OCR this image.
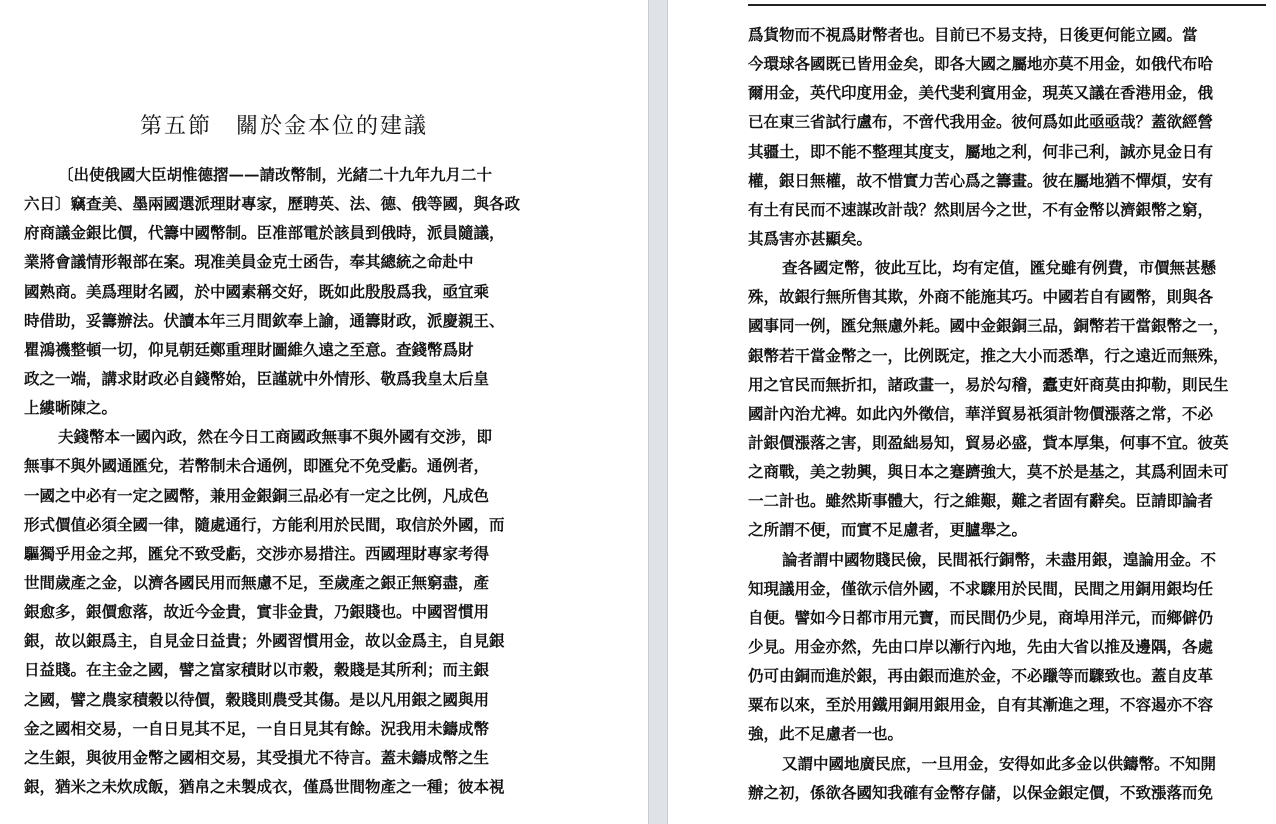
第五節　關於金本位的建議
〔出使俄國大臣胡惟德摺——請改幣制，光緒二十九年九月二十
六日〕竊查美、墨兩國選派理財專家，歷聘英、法、德、俄等國，與各政
府商議金銀比價，代籌中國幣制。臣准部電於該員到俄時，派員隨議，
業將會議情形報部在案。現准美員金克士函告，奉其總統之命赴中
國熟商。美爲理財名國，於中國素稱交好，既如此殷殷爲我，亟宜乘
時借助，妥籌辦法。伏讀本年三月間欽奉上諭，通籌財政，派慶親王、
瞿鴻禨整頓一切，仰見朝廷鄭重理財圖維久遠之至意。查錢幣爲財
政之一端，講求財政必自錢幣始，臣謹就中外情形、敬爲我皇太后皇
上縷晰陳之。
夫錢幣本一國內政，然在今日工商國政無事不與外國有交涉，即
無事不與外國通匯兌，若幣制未合通例，即匯兌不免受虧。通例者，
一國之中必有一定之國幣，兼用金銀銅三品必有一定之比例，凡成色
形式價值必須全國一律，隨處通行，方能利用於民間，取信於外國，而
驅獨乎用金之邦，匯兌不致受虧，交涉亦易措注。西國理財專家考得
世間歲產之金，以濟各國民用而無慮不足，至歲產之銀正無窮盡，產
銀愈多，銀價愈落，故近今金貴，實非金貴，乃銀賤也。中國習慣用
銀，故以銀爲主，自見金日益貴；外國習慣用金，故以金爲主，自見銀
日益賤。在主金之國，譬之富家積財以市穀，穀賤是其所利；而主銀
之國，譬之農家積穀以待價，穀賤則農受其傷。是以凡用銀之國與用
金之國相交易，一自日見其不足，一自日見其有餘。況我用未鑄成幣
之生銀，與彼用金幣之國相交易，其受損尤不待言。蓋未鑄成幣之生
銀，猶米之未炊成飯，猶帛之未製成衣，僅爲世間物產之一種；彼本視
爲貨物而不視爲財幣者也。目前已不易支持，日後更何能立國。當
今環球各國既已皆用金矣，即各大國之屬地亦莫不用金，如俄代布哈
爾用金，英代印度用金，美代斐利賓用金，現英又議在香港用金，俄
已在東三省試行盧布，不啻代我用金。彼何爲如此亟亟哉？蓋欲經營
其疆土，即不能不整理其度支，屬地之利，何非己利，誠亦見金日有
權，銀日無權，故不惜實力苦心爲之籌畫。彼在屬地猶不憚煩，安有
有土有民而不速謀改計哉？然則居今之世，不有金幣以濟銀幣之窮，
其爲害亦甚顯矣。
查各國定幣，彼此互比，均有定值，匯兌雖有例費，市價無甚懸
殊，故銀行無所售其欺，外商不能施其巧。中國若自有國幣，則與各
國事同一例，匯兌無慮外耗。國中金銀銅三品，銅幣若干當銀幣之一，
銀幣若干當金幣之一，比例既定，推之大小而悉準，行之遠近而無殊，
用之官民而無折扣，諸政畫一，易於勾稽，蠹吏奸商莫由抑勒，則民生
國計內治尤裨。如此內外徵信，華洋貿易祇須計物價漲落之常，不必
計銀價漲落之害，則盈絀易知，貿易必盛，貲本厚集，何事不宜。彼英
之商戰，美之勃興，與日本之蹇躋強大，莫不於是基之，其爲利固未可
一二計也。雖然斯事體大，行之維艱，難之者固有辭矣。臣請即論者
之所謂不便，而實不足慮者，更臚舉之。
論者謂中國物賤民儉，民間祇行銅幣，未盡用銀，遑論用金。不
知現議用金，僅欲示信外國，不求驟用於民間，民間之用銅用銀均任
自便。譬如今日都市用元寶，而民間仍少見，商埠用洋元，而鄉僻仍
少見。用金亦然，先由口岸以漸行內地，先由大省以推及邊隅，各處
仍可由銅而進於銀，再由銀而進於金，不必躐等而驟致也。蓋自皮革
粟布以來，至於用鐵用銅用銀用金，自有其漸進之理，不容遏亦不容
強，此不足慮者一也。
又謂中國地廣民庶，一旦用金，安得如此多金以供鑄幣。不知開
辦之初，係欲各國知我確有金幣存儲，以保金銀定價，不致漲落而免
